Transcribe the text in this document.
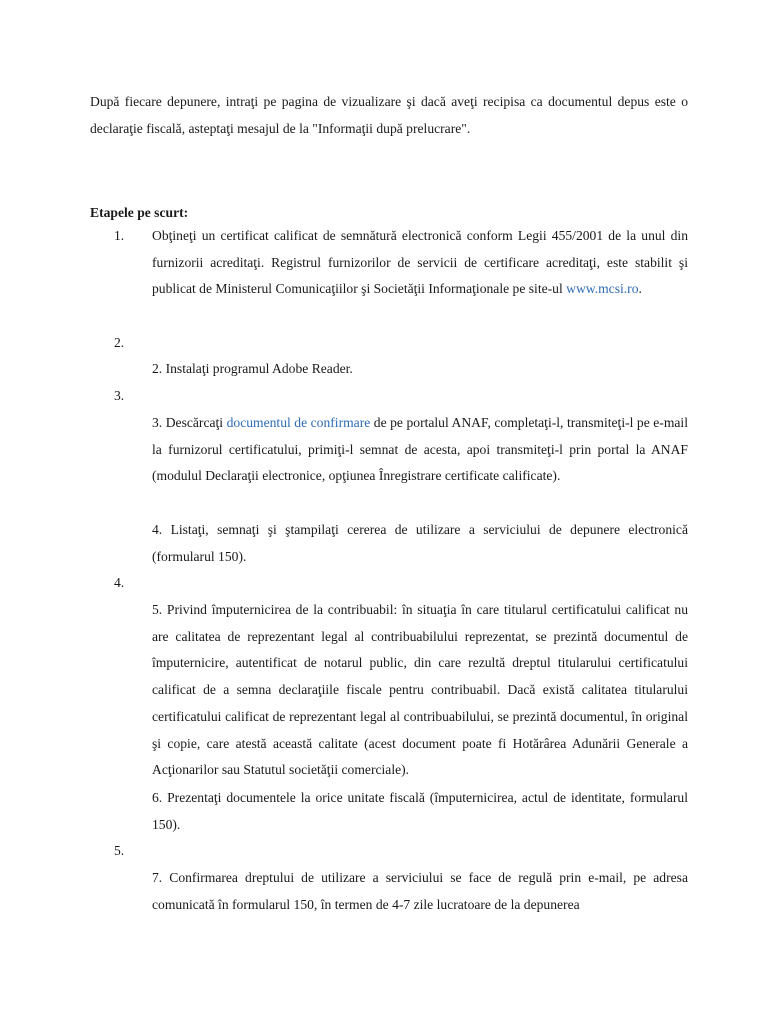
După fiecare depunere, intraţi pe pagina de vizualizare şi dacă aveţi recipisa ca documentul depus este o declaraţie fiscală, asteptaţi mesajul de la "Informaţii după prelucrare".

Etapele pe scurt:

1. Obţineţi un certificat calificat de semnătură electronică conform Legii 455/2001 de la unul din furnizorii acreditaţi. Registrul furnizorilor de servicii de certificare acreditaţi, este stabilit şi publicat de Ministerul Comunicaţiilor şi Societăţii Informaţionale pe site-ul www.mcsi.ro.

2.

2. Instalaţi programul Adobe Reader.

3.

3. Descărcaţi documentul de confirmare de pe portalul ANAF, completaţi-l, transmiteţi-l pe e-mail la furnizorul certificatului, primiţi-l semnat de acesta, apoi transmiteţi-l prin portal la ANAF (modulul Declaraţii electronice, opţiunea Înregistrare certificate calificate).

4. Listaţi, semnaţi şi ştampilaţi cererea de utilizare a serviciului de depunere electronică (formularul 150).

4.

5. Privind împuternicirea de la contribuabil: în situaţia în care titularul certificatului calificat nu are calitatea de reprezentant legal al contribuabilului reprezentat, se prezintă documentul de împuternicire, autentificat de notarul public, din care rezultă dreptul titularului certificatului calificat de a semna declaraţiile fiscale pentru contribuabil. Dacă există calitatea titularului certificatului calificat de reprezentant legal al contribuabilului, se prezintă documentul, în original şi copie, care atestă această calitate (acest document poate fi Hotărârea Adunării Generale a Acţionarilor sau Statutul societăţii comerciale).

6. Prezentaţi documentele la orice unitate fiscală (împuternicirea, actul de identitate, formularul 150).

5.

7. Confirmarea dreptului de utilizare a serviciului se face de regulă prin e-mail, pe adresa comunicată în formularul 150, în termen de 4-7 zile lucratoare de la depunerea
